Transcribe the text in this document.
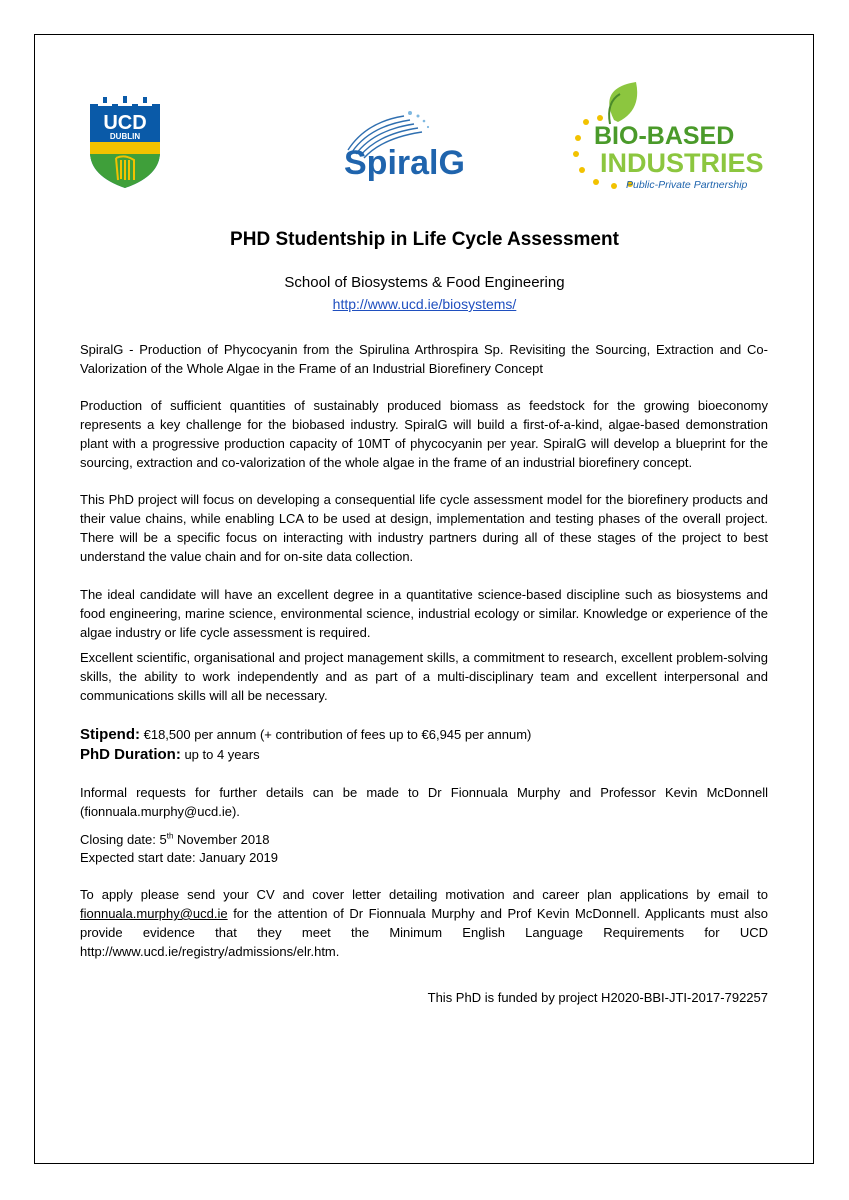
UCD
DUBLIN
SpiralG
BIO-BASED
INDUSTRIES
Public-Private Partnership
PHD Studentship in Life Cycle Assessment
School of Biosystems & Food Engineering
http://www.ucd.ie/biosystems/

SpiralG - Production of Phycocyanin from the Spirulina Arthrospira Sp. Revisiting the Sourcing, Extraction and Co-Valorization of the Whole Algae in the Frame of an Industrial Biorefinery Concept

Production of sufficient quantities of sustainably produced biomass as feedstock for the growing bioeconomy represents a key challenge for the biobased industry. SpiralG will build a first-of-a-kind, algae-based demonstration plant with a progressive production capacity of 10MT of phycocyanin per year. SpiralG will develop a blueprint for the sourcing, extraction and co-valorization of the whole algae in the frame of an industrial biorefinery concept.

This PhD project will focus on developing a consequential life cycle assessment model for the biorefinery products and their value chains, while enabling LCA to be used at design, implementation and testing phases of the overall project. There will be a specific focus on interacting with industry partners during all of these stages of the project to best understand the value chain and for on-site data collection.

The ideal candidate will have an excellent degree in a quantitative science-based discipline such as biosystems and food engineering, marine science, environmental science, industrial ecology or similar. Knowledge or experience of the algae industry or life cycle assessment is required.

Excellent scientific, organisational and project management skills, a commitment to research, excellent problem-solving skills, the ability to work independently and as part of a multi-disciplinary team and excellent interpersonal and communications skills will all be necessary.

Stipend: €18,500 per annum (+ contribution of fees up to €6,945 per annum)
PhD Duration: up to 4 years

Informal requests for further details can be made to Dr Fionnuala Murphy and Professor Kevin McDonnell (fionnuala.murphy@ucd.ie).

Closing date: 5th November 2018
Expected start date: January 2019

To apply please send your CV and cover letter detailing motivation and career plan applications by email to fionnuala.murphy@ucd.ie for the attention of Dr Fionnuala Murphy and Prof Kevin McDonnell. Applicants must also provide evidence that they meet the Minimum English Language Requirements for UCD http://www.ucd.ie/registry/admissions/elr.htm.

This PhD is funded by project H2020-BBI-JTI-2017-792257
